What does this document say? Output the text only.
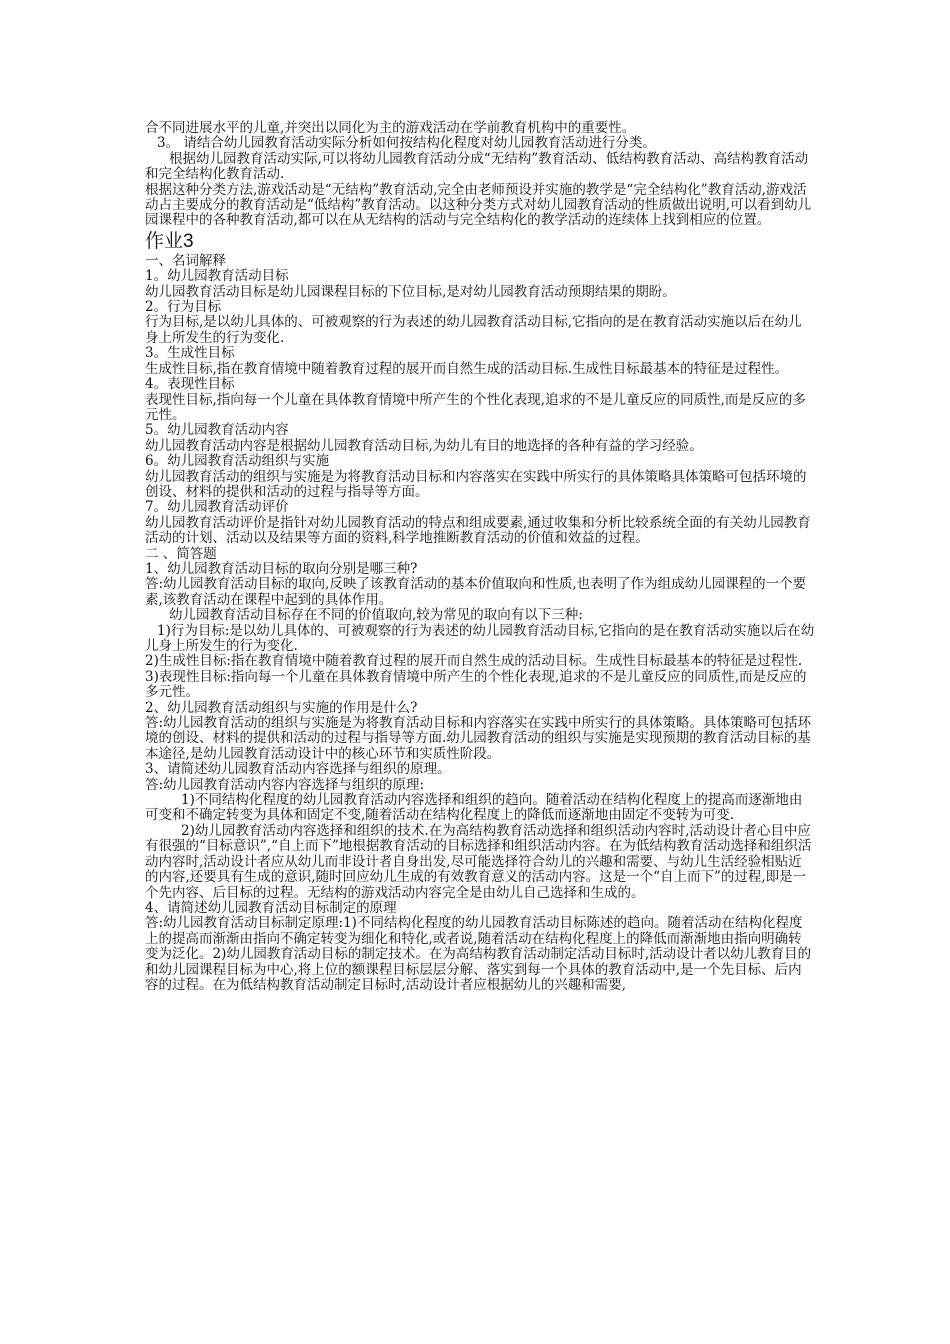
合不同进展水平的儿童,并突出以同化为主的游戏活动在学前教育机构中的重要性。

3。 请结合幼儿园教育活动实际分析如何按结构化程度对幼儿园教育活动进行分类。

根据幼儿园教育活动实际,可以将幼儿园教育活动分成“无结构”教育活动、低结构教育活动、高结构教育活动和完全结构化教育活动.

根据这种分类方法,游戏活动是“无结构”教育活动,完全由老师预设并实施的教学是“完全结构化”教育活动,游戏活动占主要成分的教育活动是“低结构”教育活动。以这种分类方式对幼儿园教育活动的性质做出说明,可以看到幼儿园课程中的各种教育活动,都可以在从无结构的活动与完全结构化的教学活动的连续体上找到相应的位置。

作业3

一、名词解释

1。幼儿园教育活动目标

幼儿园教育活动目标是幼儿园课程目标的下位目标,是对幼儿园教育活动预期结果的期盼。

2。行为目标

行为目标,是以幼儿具体的、可被观察的行为表述的幼儿园教育活动目标,它指向的是在教育活动实施以后在幼儿身上所发生的行为变化.

3。生成性目标

生成性目标,指在教育情境中随着教育过程的展开而自然生成的活动目标.生成性目标最基本的特征是过程性。

4。表现性目标

表现性目标,指向每一个儿童在具体教育情境中所产生的个性化表现,追求的不是儿童反应的同质性,而是反应的多元性。

5。幼儿园教育活动内容

幼儿园教育活动内容是根据幼儿园教育活动目标,为幼儿有目的地选择的各种有益的学习经验。

6。幼儿园教育活动组织与实施

幼儿园教育活动的组织与实施是为将教育活动目标和内容落实在实践中所实行的具体策略具体策略可包括环境的创设、材料的提供和活动的过程与指导等方面。

7。幼儿园教育活动评价

幼儿园教育活动评价是指针对幼儿园教育活动的特点和组成要素,通过收集和分析比较系统全面的有关幼儿园教育活动的计划、活动以及结果等方面的资料,科学地推断教育活动的价值和效益的过程。

二 、简答题

1、幼儿园教育活动目标的取向分别是哪三种?

答:幼儿园教育活动目标的取向,反映了该教育活动的基本价值取向和性质,也表明了作为组成幼儿园课程的一个要素,该教育活动在课程中起到的具体作用。

幼儿园教育活动目标存在不同的价值取向,较为常见的取向有以下三种:

1)行为目标:是以幼儿具体的、可被观察的行为表述的幼儿园教育活动目标,它指向的是在教育活动实施以后在幼儿身上所发生的行为变化.

2)生成性目标:指在教育情境中随着教育过程的展开而自然生成的活动目标。生成性目标最基本的特征是过程性.

3)表现性目标:指向每一个儿童在具体教育情境中所产生的个性化表现,追求的不是儿童反应的同质性,而是反应的多元性。

2、幼儿园教育活动组织与实施的作用是什么?

答:幼儿园教育活动的组织与实施是为将教育活动目标和内容落实在实践中所实行的具体策略。具体策略可包括环境的创设、材料的提供和活动的过程与指导等方面.幼儿园教育活动的组织与实施是实现预期的教育活动目标的基本途径,是幼儿园教育活动设计中的核心环节和实质性阶段。

3、请简述幼儿园教育活动内容选择与组织的原理。

答:幼儿园教育活动内容内容选择与组织的原理:

1)不同结构化程度的幼儿园教育活动内容选择和组织的趋向。随着活动在结构化程度上的提高而逐渐地由可变和不确定转变为具体和固定不变,随着活动在结构化程度上的降低而逐渐地由固定不变转为可变.

2)幼儿园教育活动内容选择和组织的技术.在为高结构教育活动选择和组织活动内容时,活动设计者心目中应有很强的“目标意识”,“自上而下”地根据教育活动的目标选择和组织活动内容。在为低结构教育活动选择和组织活动内容时,活动设计者应从幼儿而非设计者自身出发,尽可能选择符合幼儿的兴趣和需要、与幼儿生活经验相贴近的内容,还要具有生成的意识,随时回应幼儿生成的有效教育意义的活动内容。这是一个“自上而下”的过程,即是一个先内容、后目标的过程。无结构的游戏活动内容完全是由幼儿自己选择和生成的。

4、请简述幼儿园教育活动目标制定的原理

答:幼儿园教育活动目标制定原理:1)不同结构化程度的幼儿园教育活动目标陈述的趋向。随着活动在结构化程度上的提高而渐渐由指向不确定转变为细化和特化,或者说,随着活动在结构化程度上的降低而渐渐地由指向明确转变为泛化。2)幼儿园教育活动目标的制定技术。在为高结构教育活动制定活动目标时,活动设计者以幼儿教育目的和幼儿园课程目标为中心,将上位的额课程目标层层分解、落实到每一个具体的教育活动中,是一个先目标、后内容的过程。在为低结构教育活动制定目标时,活动设计者应根据幼儿的兴趣和需要,
